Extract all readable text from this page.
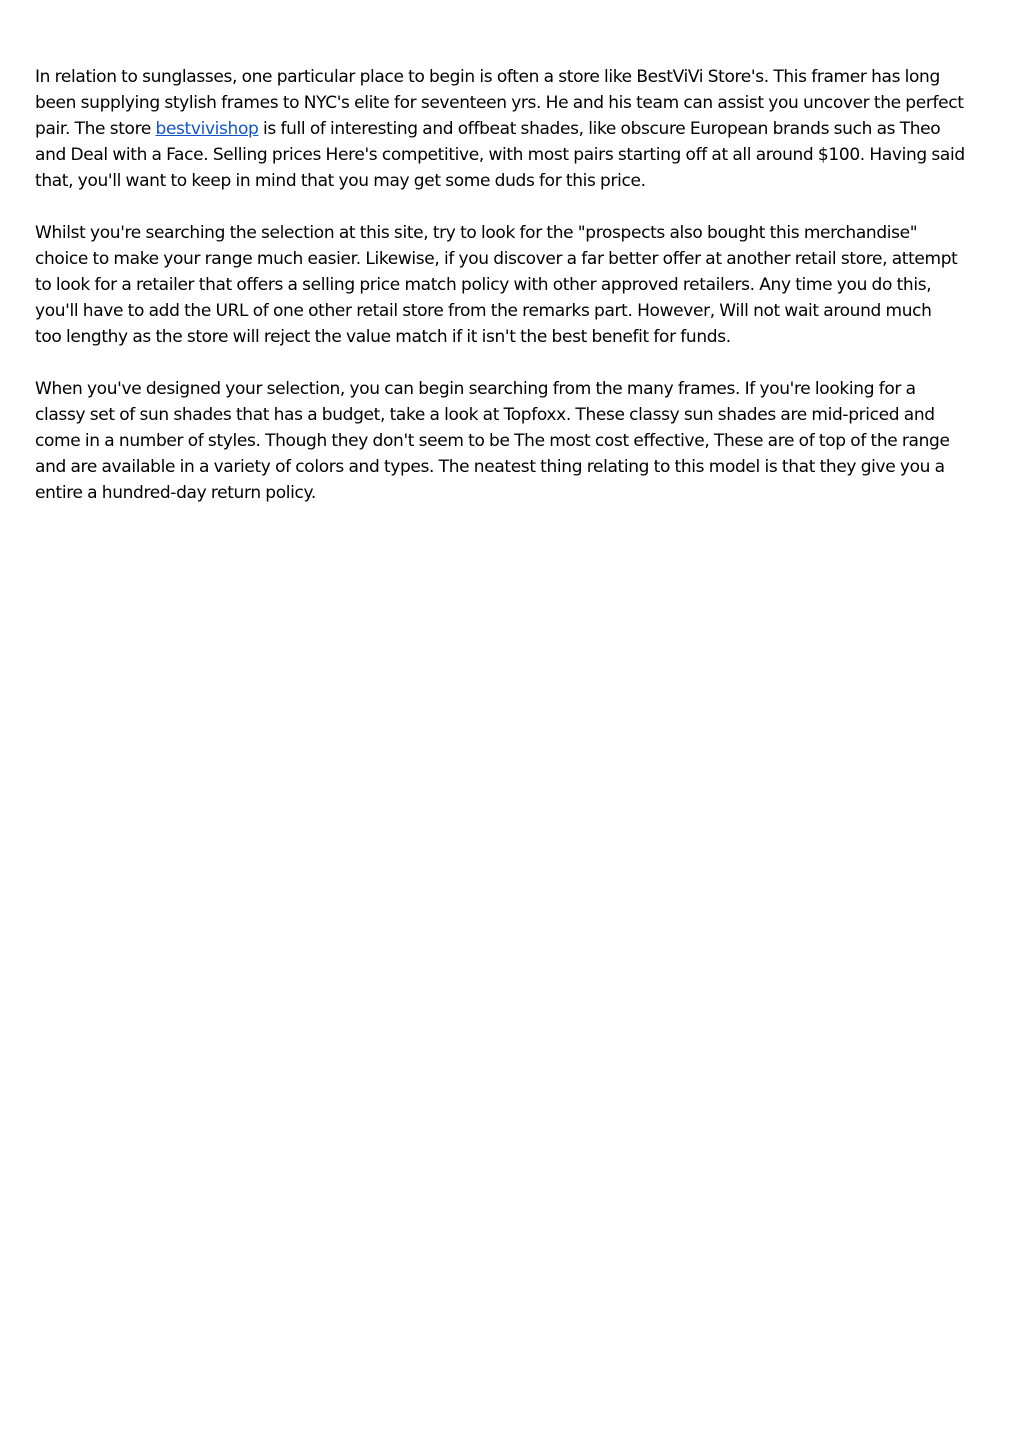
In relation to sunglasses, one particular place to begin is often a store like BestViVi Store's. This framer has long
been supplying stylish frames to NYC's elite for seventeen yrs. He and his team can assist you uncover the perfect
pair. The store bestvivishop is full of interesting and offbeat shades, like obscure European brands such as Theo
and Deal with a Face. Selling prices Here's competitive, with most pairs starting off at all around $100. Having said
that, you'll want to keep in mind that you may get some duds for this price.

Whilst you're searching the selection at this site, try to look for the "prospects also bought this merchandise"
choice to make your range much easier. Likewise, if you discover a far better offer at another retail store, attempt
to look for a retailer that offers a selling price match policy with other approved retailers. Any time you do this,
you'll have to add the URL of one other retail store from the remarks part. However, Will not wait around much
too lengthy as the store will reject the value match if it isn't the best benefit for funds.

When you've designed your selection, you can begin searching from the many frames. If you're looking for a
classy set of sun shades that has a budget, take a look at Topfoxx. These classy sun shades are mid-priced and
come in a number of styles. Though they don't seem to be The most cost effective, These are of top of the range
and are available in a variety of colors and types. The neatest thing relating to this model is that they give you a
entire a hundred-day return policy.
